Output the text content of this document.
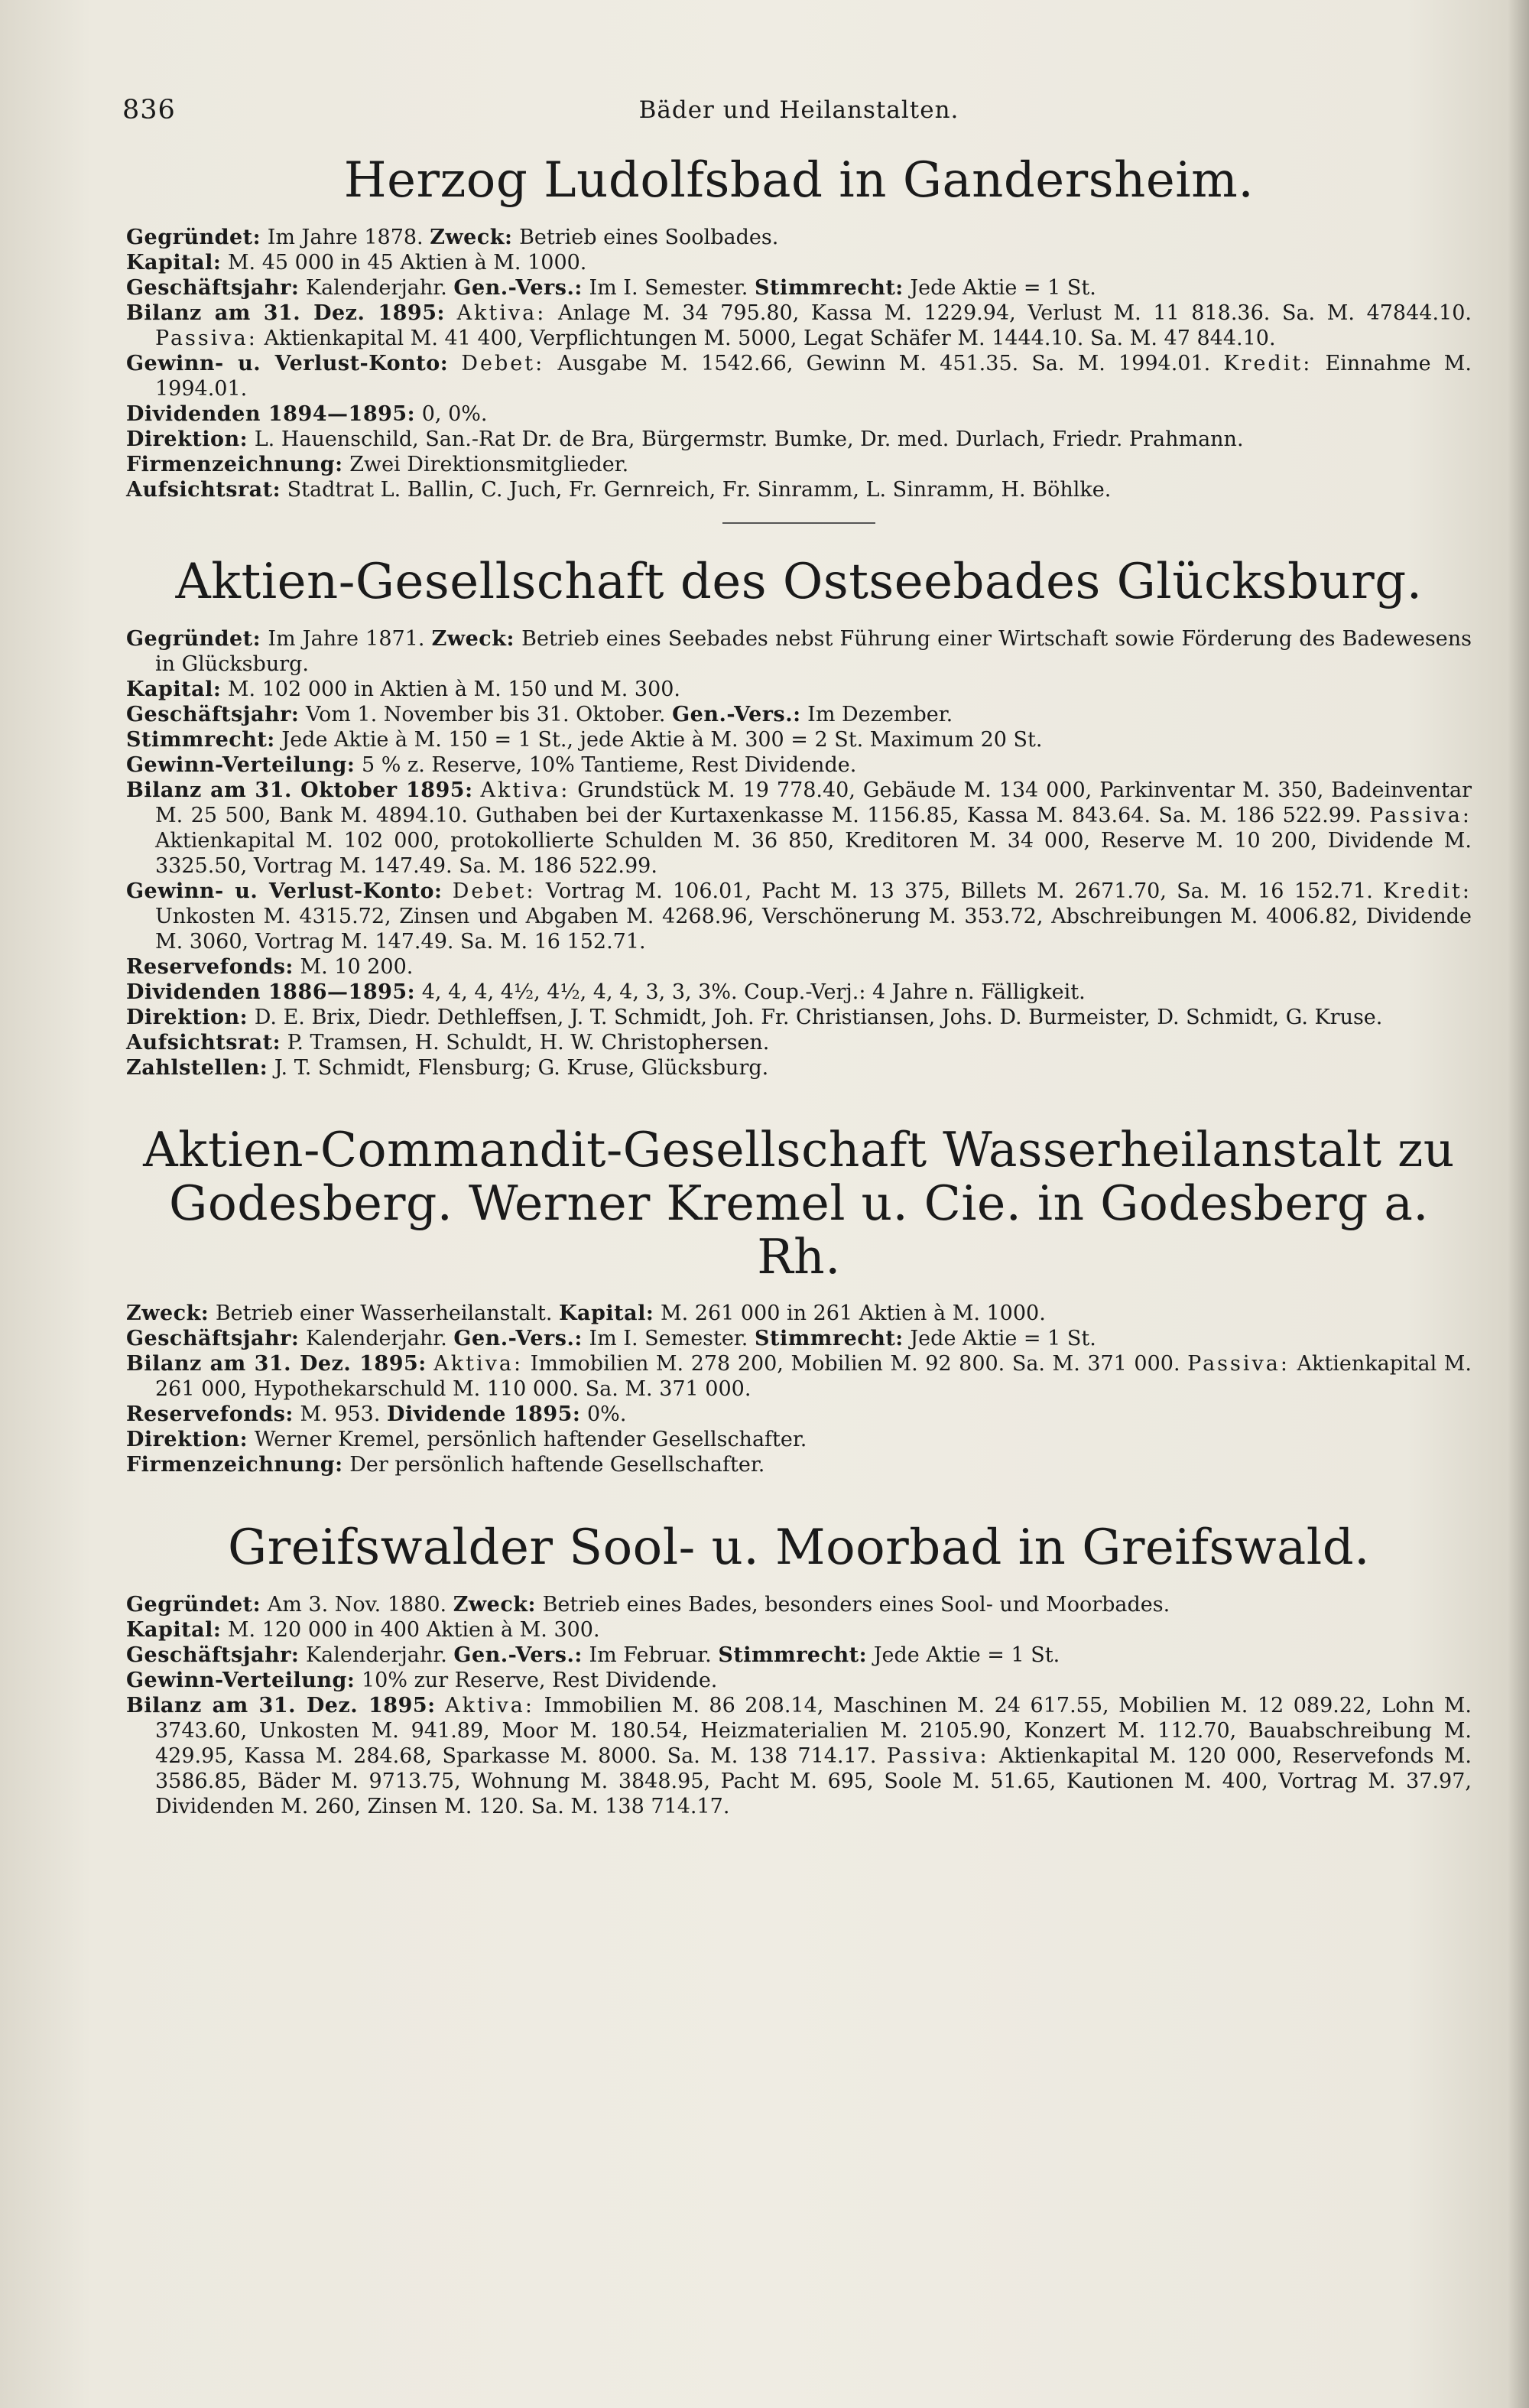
836	Bäder und Heilanstalten.
Herzog Ludolfsbad in Gandersheim.

Gegründet: Im Jahre 1878. Zweck: Betrieb eines Soolbades.

Kapital: M. 45 000 in 45 Aktien à M. 1000.

Geschäftsjahr: Kalenderjahr. Gen.-Vers.: Im I. Semester. Stimmrecht: Jede Aktie = 1 St.

Bilanz am 31. Dez. 1895: Aktiva: Anlage M. 34 795.80, Kassa M. 1229.94, Verlust M. 11 818.36. Sa. M. 47844.10. Passiva: Aktienkapital M. 41 400, Verpflichtungen M. 5000, Legat Schäfer M. 1444.10. Sa. M. 47 844.10.

Gewinn- u. Verlust-Konto: Debet: Ausgabe M. 1542.66, Gewinn M. 451.35. Sa. M. 1994.01. Kredit: Einnahme M. 1994.01.

Dividenden 1894—1895: 0, 0%.

Direktion: L. Hauenschild, San.-Rat Dr. de Bra, Bürgermstr. Bumke, Dr. med. Durlach, Friedr. Prahmann.

Firmenzeichnung: Zwei Direktionsmitglieder.

Aufsichtsrat: Stadtrat L. Ballin, C. Juch, Fr. Gernreich, Fr. Sinramm, L. Sinramm, H. Böhlke.

Aktien-Gesellschaft des Ostseebades Glücksburg.

Gegründet: Im Jahre 1871. Zweck: Betrieb eines Seebades nebst Führung einer Wirtschaft sowie Förderung des Badewesens in Glücksburg.

Kapital: M. 102 000 in Aktien à M. 150 und M. 300.

Geschäftsjahr: Vom 1. November bis 31. Oktober. Gen.-Vers.: Im Dezember.

Stimmrecht: Jede Aktie à M. 150 = 1 St., jede Aktie à M. 300 = 2 St. Maximum 20 St.

Gewinn-Verteilung: 5 % z. Reserve, 10% Tantieme, Rest Dividende.

Bilanz am 31. Oktober 1895: Aktiva: Grundstück M. 19 778.40, Gebäude M. 134 000, Parkinventar M. 350, Badeinventar M. 25 500, Bank M. 4894.10. Guthaben bei der Kurtaxenkasse M. 1156.85, Kassa M. 843.64. Sa. M. 186 522.99. Passiva: Aktienkapital M. 102 000, protokollierte Schulden M. 36 850, Kreditoren M. 34 000, Reserve M. 10 200, Dividende M. 3325.50, Vortrag M. 147.49. Sa. M. 186 522.99.

Gewinn- u. Verlust-Konto: Debet: Vortrag M. 106.01, Pacht M. 13 375, Billets M. 2671.70, Sa. M. 16 152.71. Kredit: Unkosten M. 4315.72, Zinsen und Abgaben M. 4268.96, Verschönerung M. 353.72, Abschreibungen M. 4006.82, Dividende M. 3060, Vortrag M. 147.49. Sa. M. 16 152.71.

Reservefonds: M. 10 200.

Dividenden 1886—1895: 4, 4, 4, 4½, 4½, 4, 4, 3, 3, 3%. Coup.-Verj.: 4 Jahre n. Fälligkeit.

Direktion: D. E. Brix, Diedr. Dethleffsen, J. T. Schmidt, Joh. Fr. Christiansen, Johs. D. Burmeister, D. Schmidt, G. Kruse.

Aufsichtsrat: P. Tramsen, H. Schuldt, H. W. Christophersen.

Zahlstellen: J. T. Schmidt, Flensburg; G. Kruse, Glücksburg.

Aktien-Commandit-Gesellschaft Wasserheilanstalt zu Godesberg. Werner Kremel u. Cie. in Godesberg a. Rh.

Zweck: Betrieb einer Wasserheilanstalt. Kapital: M. 261 000 in 261 Aktien à M. 1000.

Geschäftsjahr: Kalenderjahr. Gen.-Vers.: Im I. Semester. Stimmrecht: Jede Aktie = 1 St.

Bilanz am 31. Dez. 1895: Aktiva: Immobilien M. 278 200, Mobilien M. 92 800. Sa. M. 371 000. Passiva: Aktienkapital M. 261 000, Hypothekarschuld M. 110 000. Sa. M. 371 000.

Reservefonds: M. 953. Dividende 1895: 0%.

Direktion: Werner Kremel, persönlich haftender Gesellschafter.

Firmenzeichnung: Der persönlich haftende Gesellschafter.

Greifswalder Sool- u. Moorbad in Greifswald.

Gegründet: Am 3. Nov. 1880. Zweck: Betrieb eines Bades, besonders eines Sool- und Moorbades.

Kapital: M. 120 000 in 400 Aktien à M. 300.

Geschäftsjahr: Kalenderjahr. Gen.-Vers.: Im Februar. Stimmrecht: Jede Aktie = 1 St.

Gewinn-Verteilung: 10% zur Reserve, Rest Dividende.

Bilanz am 31. Dez. 1895: Aktiva: Immobilien M. 86 208.14, Maschinen M. 24 617.55, Mobilien M. 12 089.22, Lohn M. 3743.60, Unkosten M. 941.89, Moor M. 180.54, Heizmaterialien M. 2105.90, Konzert M. 112.70, Bauabschreibung M. 429.95, Kassa M. 284.68, Sparkasse M. 8000. Sa. M. 138 714.17. Passiva: Aktienkapital M. 120 000, Reservefonds M. 3586.85, Bäder M. 9713.75, Wohnung M. 3848.95, Pacht M. 695, Soole M. 51.65, Kautionen M. 400, Vortrag M. 37.97, Dividenden M. 260, Zinsen M. 120. Sa. M. 138 714.17.
